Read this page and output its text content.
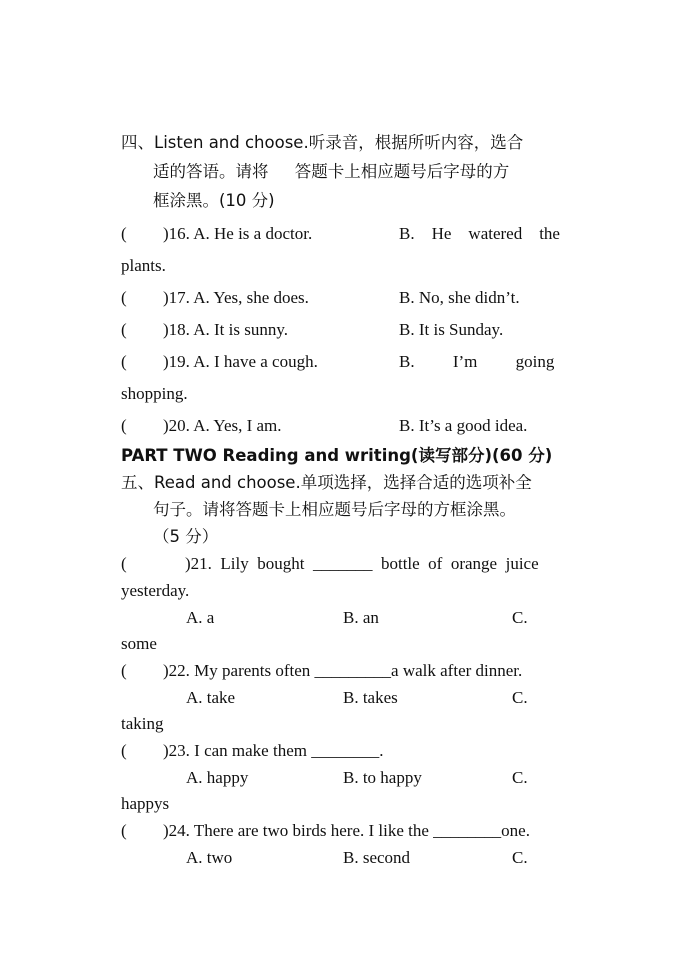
四、Listen and choose.听录音，根据所听内容，选合
适的答语。请将     答题卡上相应题号后字母的方
框涂黑。(10 分)
( )16. A. He is a doctor.	B.    He    watered    the
plants.
( )17. A. Yes, she does.	B. No, she didn’t.
( )18. A. It is sunny.	B. It is Sunday.
( )19. A. I have a cough.	B.         I’m         going
shopping.
( )20. A. Yes, I am.	B. It’s a good idea.
PART TWO Reading and writing(读写部分)(60 分)
五、Read and choose.单项选择，选择合适的选项补全
句子。请将答题卡上相应题号后字母的方框涂黑。
（5 分）
(	)21.  Lily  bought  _______  bottle  of  orange  juice
yesterday.
A. a	B. an	C.
some
( )22. My parents often _________a walk after dinner.
A. take	B. takes	C.
taking
( )23. I can make them ________.
A. happy	B. to happy	C.
happys
( )24. There are two birds here. I like the ________one.
A. two	B. second	C.
